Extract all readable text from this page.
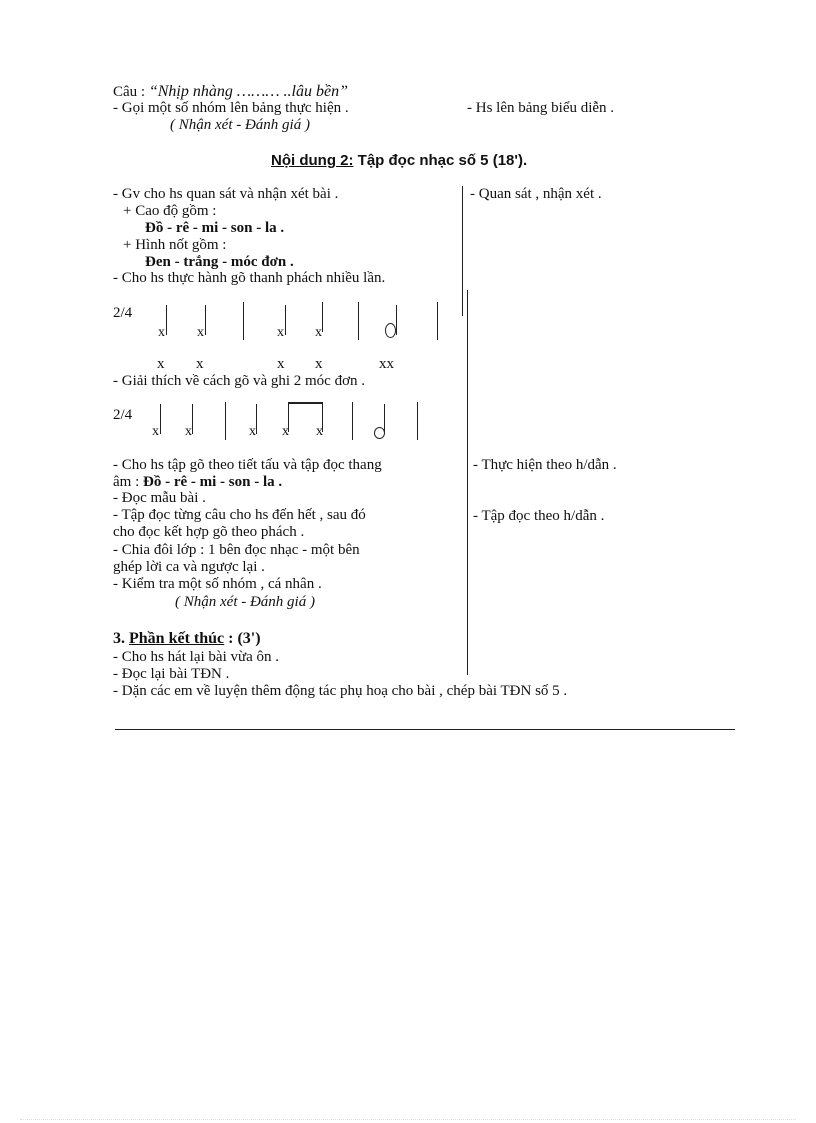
Câu : “Nhịp nhàng ……… ..lâu bền”
- Gọi một số nhóm lên bảng thực hiện .	- Hs lên bảng biểu diễn .
( Nhận xét - Đánh giá )
Nội dung 2: Tập đọc nhạc số 5 (18').
- Gv cho hs quan sát và nhận xét bài .
+ Cao độ gồm :
Đồ - rê - mi - son - la .
+ Hình nốt gồm :
Đen - trắng - móc đơn .
- Cho hs thực hành gõ thanh phách nhiều lần.
- Quan sát , nhận xét .
2/4
x x	x x
x x	x x	xx
- Giải thích về cách gõ và ghi 2 móc đơn .
2/4
x x	x x x
- Cho hs tập gõ theo tiết tấu và tập đọc thang
âm : Đồ - rê - mi - son - la .
- Thực hiện theo h/dẫn .
- Đọc mẫu bài .
- Tập đọc từng câu cho hs đến hết , sau đó	- Tập đọc theo h/dẫn .
cho đọc kết hợp gõ theo phách .
- Chia đôi lớp : 1 bên đọc nhạc - một bên
ghép lời ca và ngược lại .
- Kiểm tra một số nhóm , cá nhân .
( Nhận xét - Đánh giá )
3. Phần kết thúc : (3')
- Cho hs hát lại bài vừa ôn .
- Đọc lại bài TĐN .
- Dặn các em về luyện thêm động tác phụ hoạ cho bài , chép bài TĐN số 5 .
